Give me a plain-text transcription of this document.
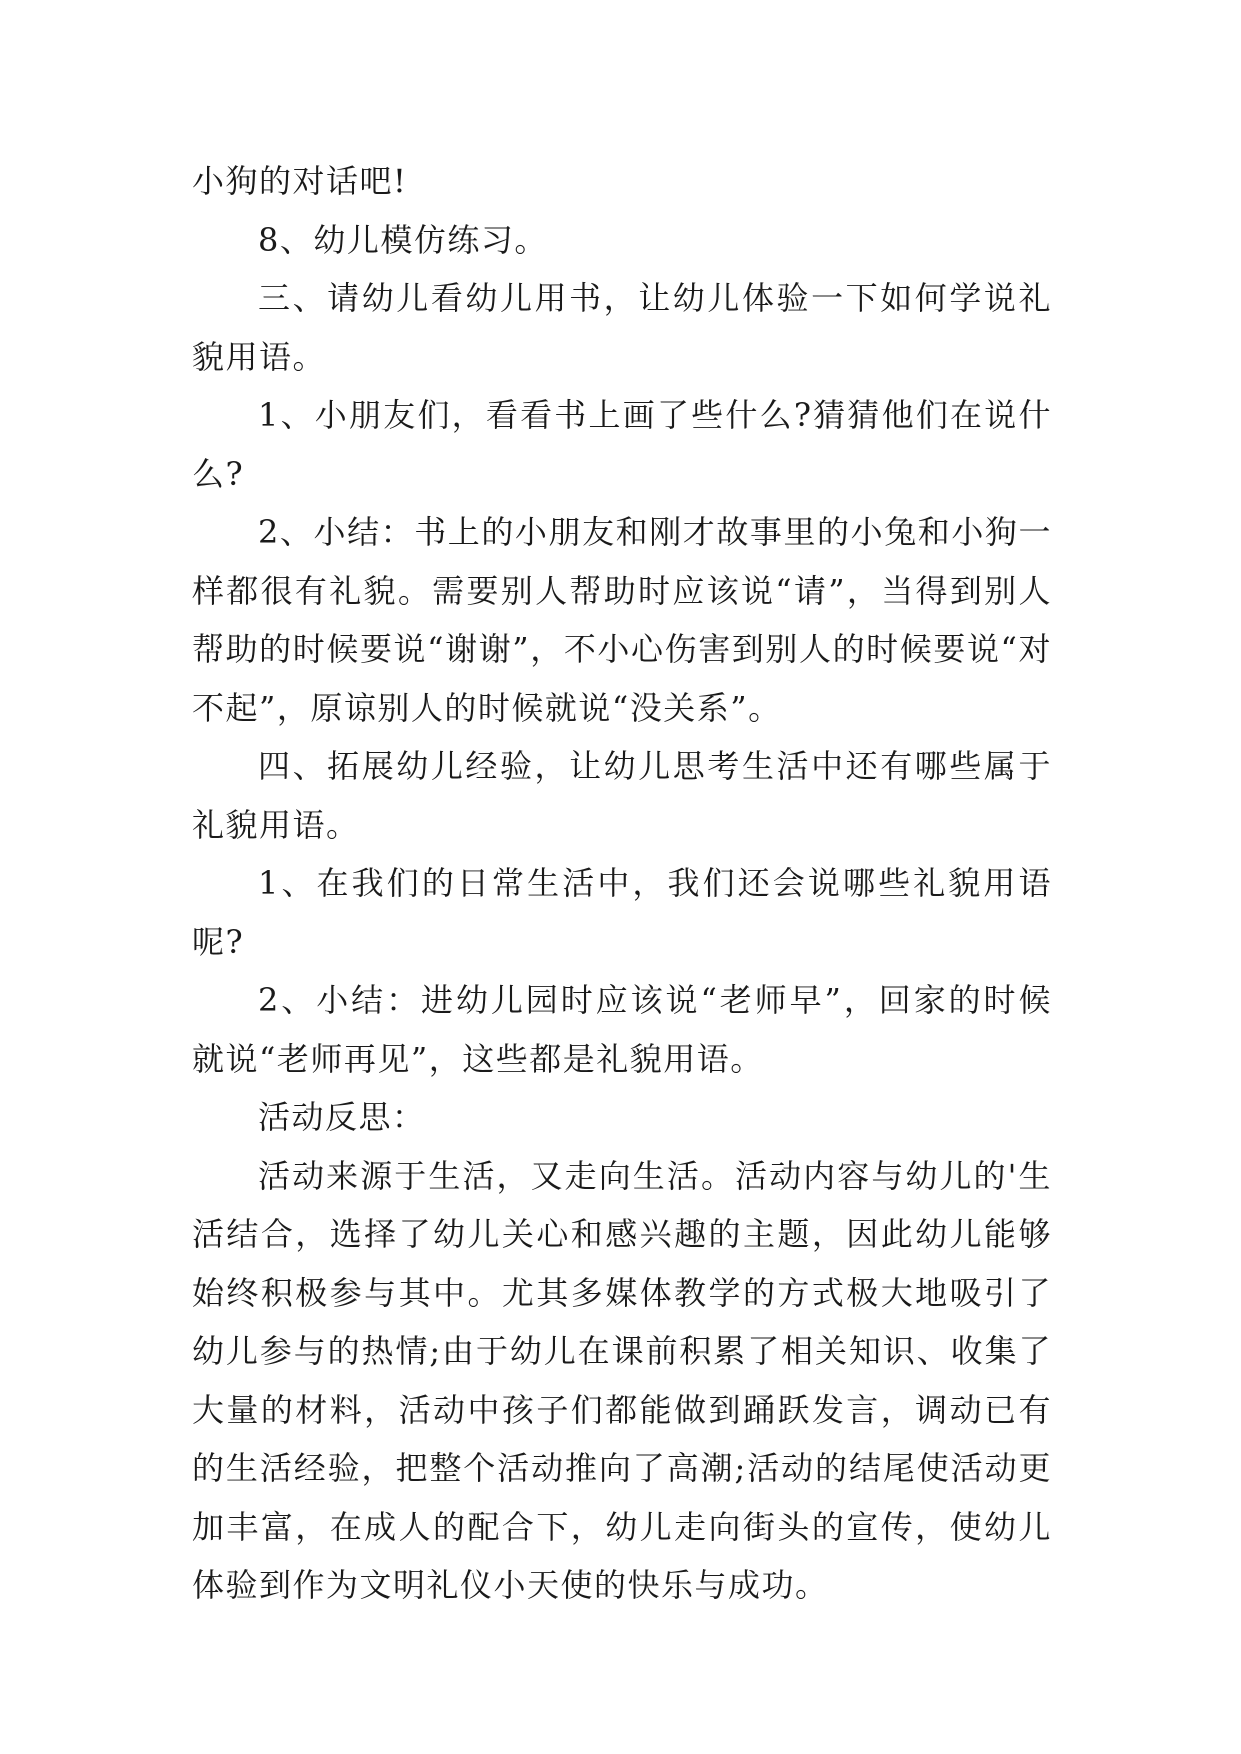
小狗的对话吧!

8、幼儿模仿练习。

三、请幼儿看幼儿用书，让幼儿体验一下如何学说礼貌用语。

1、小朋友们，看看书上画了些什么?猜猜他们在说什么?

2、小结：书上的小朋友和刚才故事里的小兔和小狗一样都很有礼貌。需要别人帮助时应该说“请”，当得到别人帮助的时候要说“谢谢”，不小心伤害到别人的时候要说“对不起”，原谅别人的时候就说“没关系”。

四、拓展幼儿经验，让幼儿思考生活中还有哪些属于礼貌用语。

1、在我们的日常生活中，我们还会说哪些礼貌用语呢?

2、小结：进幼儿园时应该说“老师早”，回家的时候就说“老师再见”，这些都是礼貌用语。

活动反思：

活动来源于生活，又走向生活。活动内容与幼儿的'生活结合，选择了幼儿关心和感兴趣的主题，因此幼儿能够始终积极参与其中。尤其多媒体教学的方式极大地吸引了幼儿参与的热情;由于幼儿在课前积累了相关知识、收集了大量的材料，活动中孩子们都能做到踊跃发言，调动已有的生活经验，把整个活动推向了高潮;活动的结尾使活动更加丰富，在成人的配合下，幼儿走向街头的宣传，使幼儿体验到作为文明礼仪小天使的快乐与成功。
